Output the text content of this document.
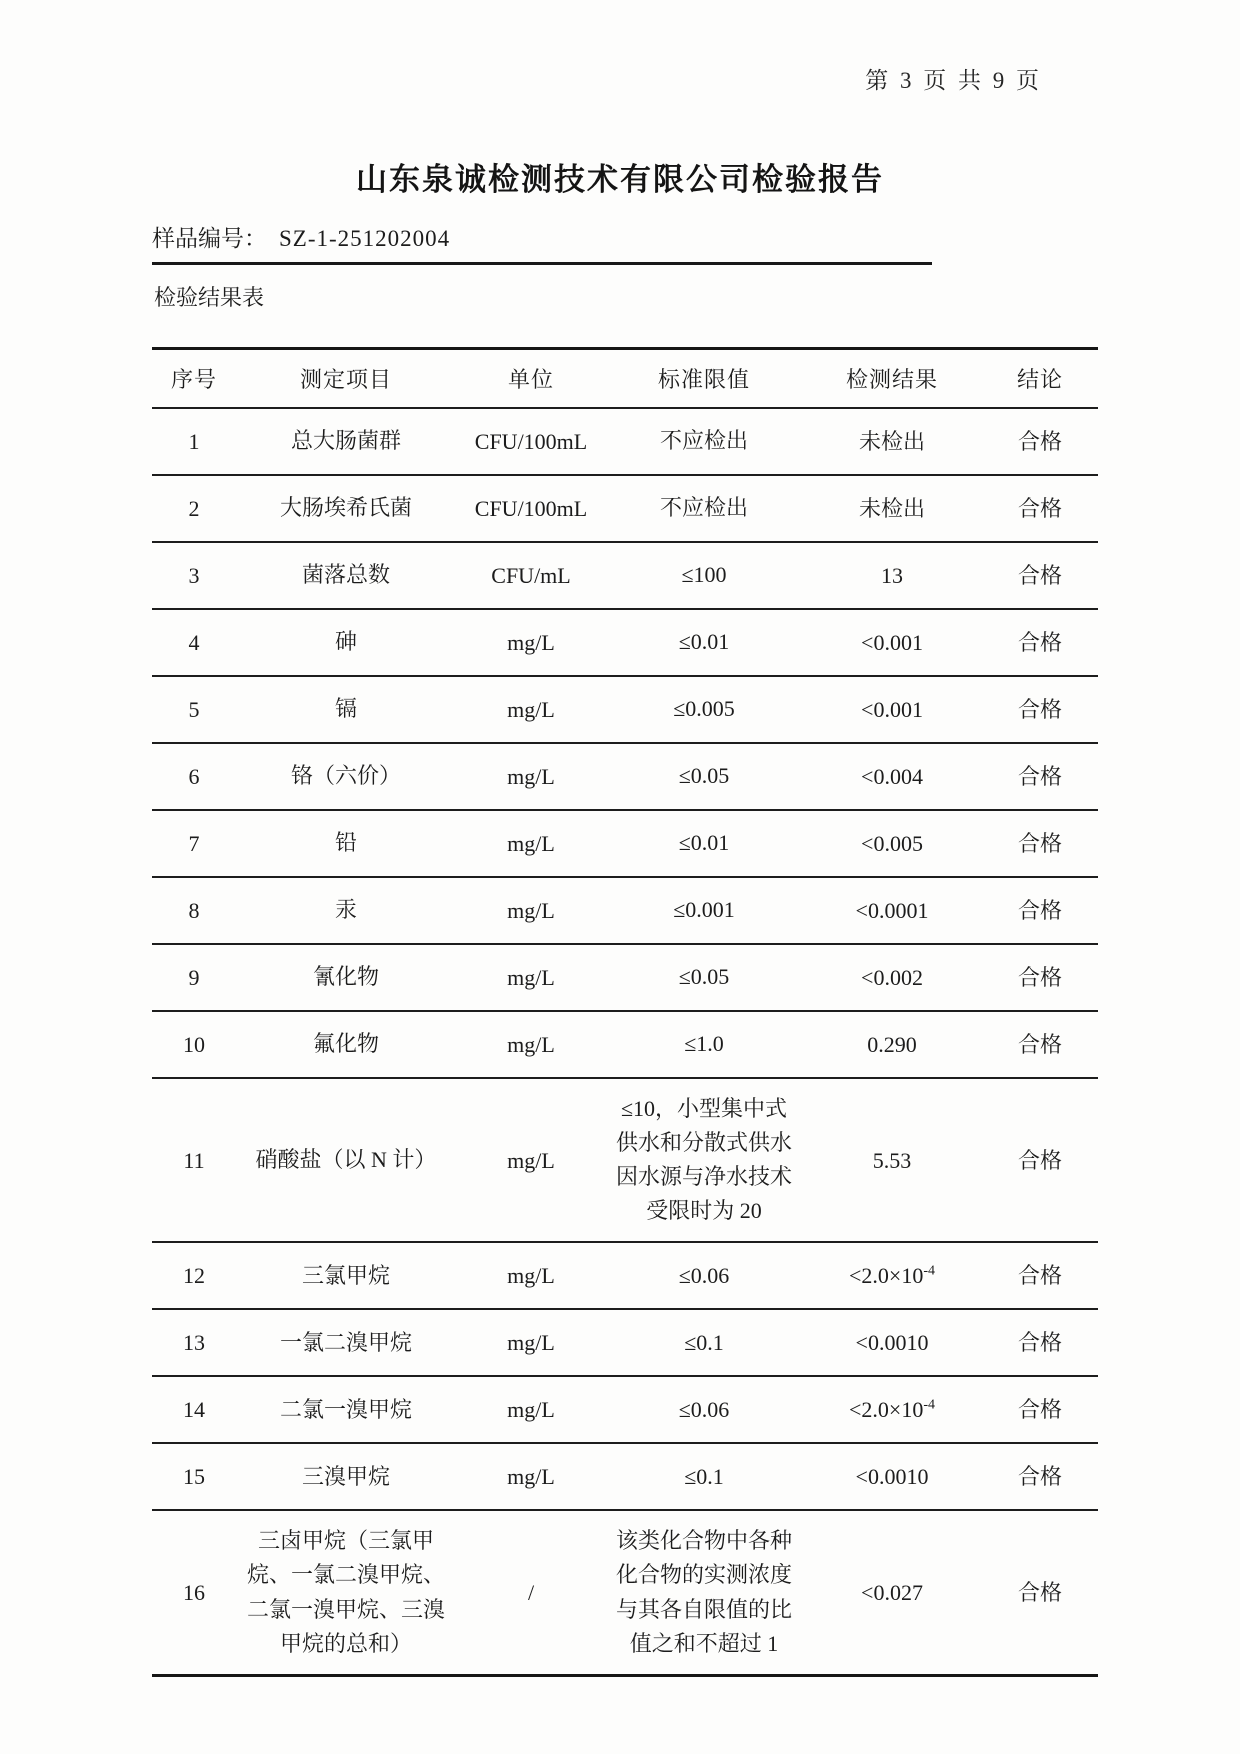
第 3 页 共 9 页
山东泉诚检测技术有限公司检验报告
样品编号： SZ-1-251202004
检验结果表
序号	测定项目	单位	标准限值	检测结果	结论
1	总大肠菌群	CFU/100mL	不应检出	未检出	合格
2	大肠埃希氏菌	CFU/100mL	不应检出	未检出	合格
3	菌落总数	CFU/mL	≤100	13	合格
4	砷	mg/L	≤0.01	<0.001	合格
5	镉	mg/L	≤0.005	<0.001	合格
6	铬（六价）	mg/L	≤0.05	<0.004	合格
7	铅	mg/L	≤0.01	<0.005	合格
8	汞	mg/L	≤0.001	<0.0001	合格
9	氰化物	mg/L	≤0.05	<0.002	合格
10	氟化物	mg/L	≤1.0	0.290	合格
11	硝酸盐（以 N 计）	mg/L	≤10，小型集中式供水和分散式供水因水源与净水技术受限时为 20	5.53	合格
12	三氯甲烷	mg/L	≤0.06	$<2.0\times 10^{-4}$	合格
13	一氯二溴甲烷	mg/L	≤0.1	<0.0010	合格
14	二氯一溴甲烷	mg/L	≤0.06	$<2.0\times 10^{-4}$	合格
15	三溴甲烷	mg/L	≤0.1	<0.0010	合格
16	三卤甲烷（三氯甲烷、一氯二溴甲烷、二氯一溴甲烷、三溴甲烷的总和）	/	该类化合物中各种化合物的实测浓度与其各自限值的比值之和不超过 1	<0.027	合格
